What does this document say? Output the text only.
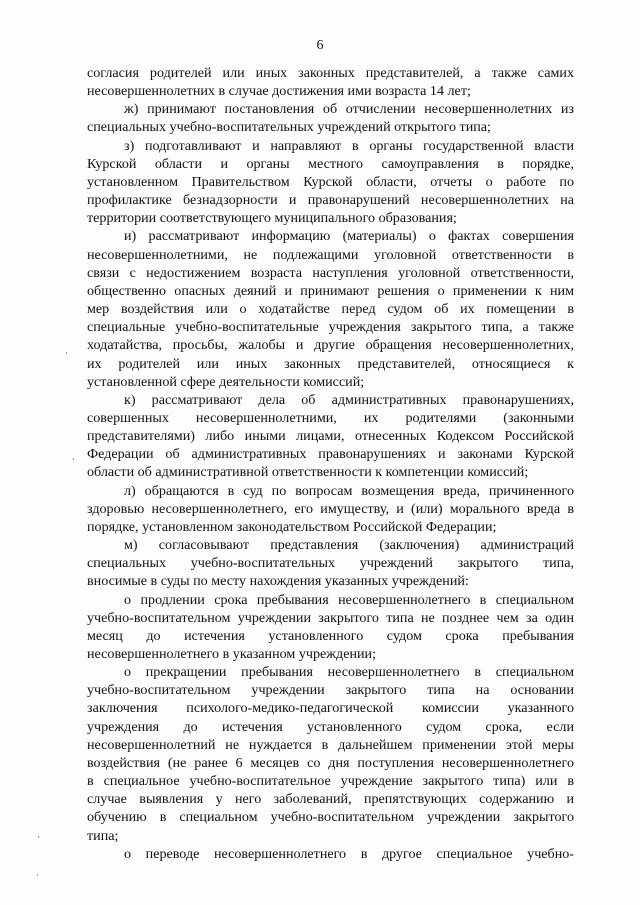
6
согласия родителей или иных законных представителей, а также самих
несовершеннолетних в случае достижения ими возраста 14 лет;
ж) принимают постановления об отчислении несовершеннолетних из
специальных учебно-воспитательных учреждений открытого типа;
з) подготавливают и направляют в органы государственной власти
Курской области и органы местного самоуправления в порядке,
установленном Правительством Курской области, отчеты о работе по
профилактике безнадзорности и правонарушений несовершеннолетних на
территории соответствующего муниципального образования;
и) рассматривают информацию (материалы) о фактах совершения
несовершеннолетними, не подлежащими уголовной ответственности в
связи с недостижением возраста наступления уголовной ответственности,
общественно опасных деяний и принимают решения о применении к ним
мер воздействия или о ходатайстве перед судом об их помещении в
специальные учебно-воспитательные учреждения закрытого типа, а также
ходатайства, просьбы, жалобы и другие обращения несовершеннолетних,
их родителей или иных законных представителей, относящиеся к
установленной сфере деятельности комиссий;
к) рассматривают дела об административных правонарушениях,
совершенных несовершеннолетними, их родителями (законными
представителями) либо иными лицами, отнесенных Кодексом Российской
Федерации об административных правонарушениях и законами Курской
области об административной ответственности к компетенции комиссий;
л) обращаются в суд по вопросам возмещения вреда, причиненного
здоровью несовершеннолетнего, его имуществу, и (или) морального вреда в
порядке, установленном законодательством Российской Федерации;
м) согласовывают представления (заключения) администраций
специальных учебно-воспитательных учреждений закрытого типа,
вносимые в суды по месту нахождения указанных учреждений:
о продлении срока пребывания несовершеннолетнего в специальном
учебно-воспитательном учреждении закрытого типа не позднее чем за один
месяц до истечения установленного судом срока пребывания
несовершеннолетнего в указанном учреждении;
о прекращении пребывания несовершеннолетнего в специальном
учебно-воспитательном учреждении закрытого типа на основании
заключения психолого-медико-педагогической комиссии указанного
учреждения до истечения установленного судом срока, если
несовершеннолетний не нуждается в дальнейшем применении этой меры
воздействия (не ранее 6 месяцев со дня поступления несовершеннолетнего
в специальное учебно-воспитательное учреждение закрытого типа) или в
случае выявления у него заболеваний, препятствующих содержанию и
обучению в специальном учебно-воспитательном учреждении закрытого
типа;
о переводе несовершеннолетнего в другое специальное учебно-
